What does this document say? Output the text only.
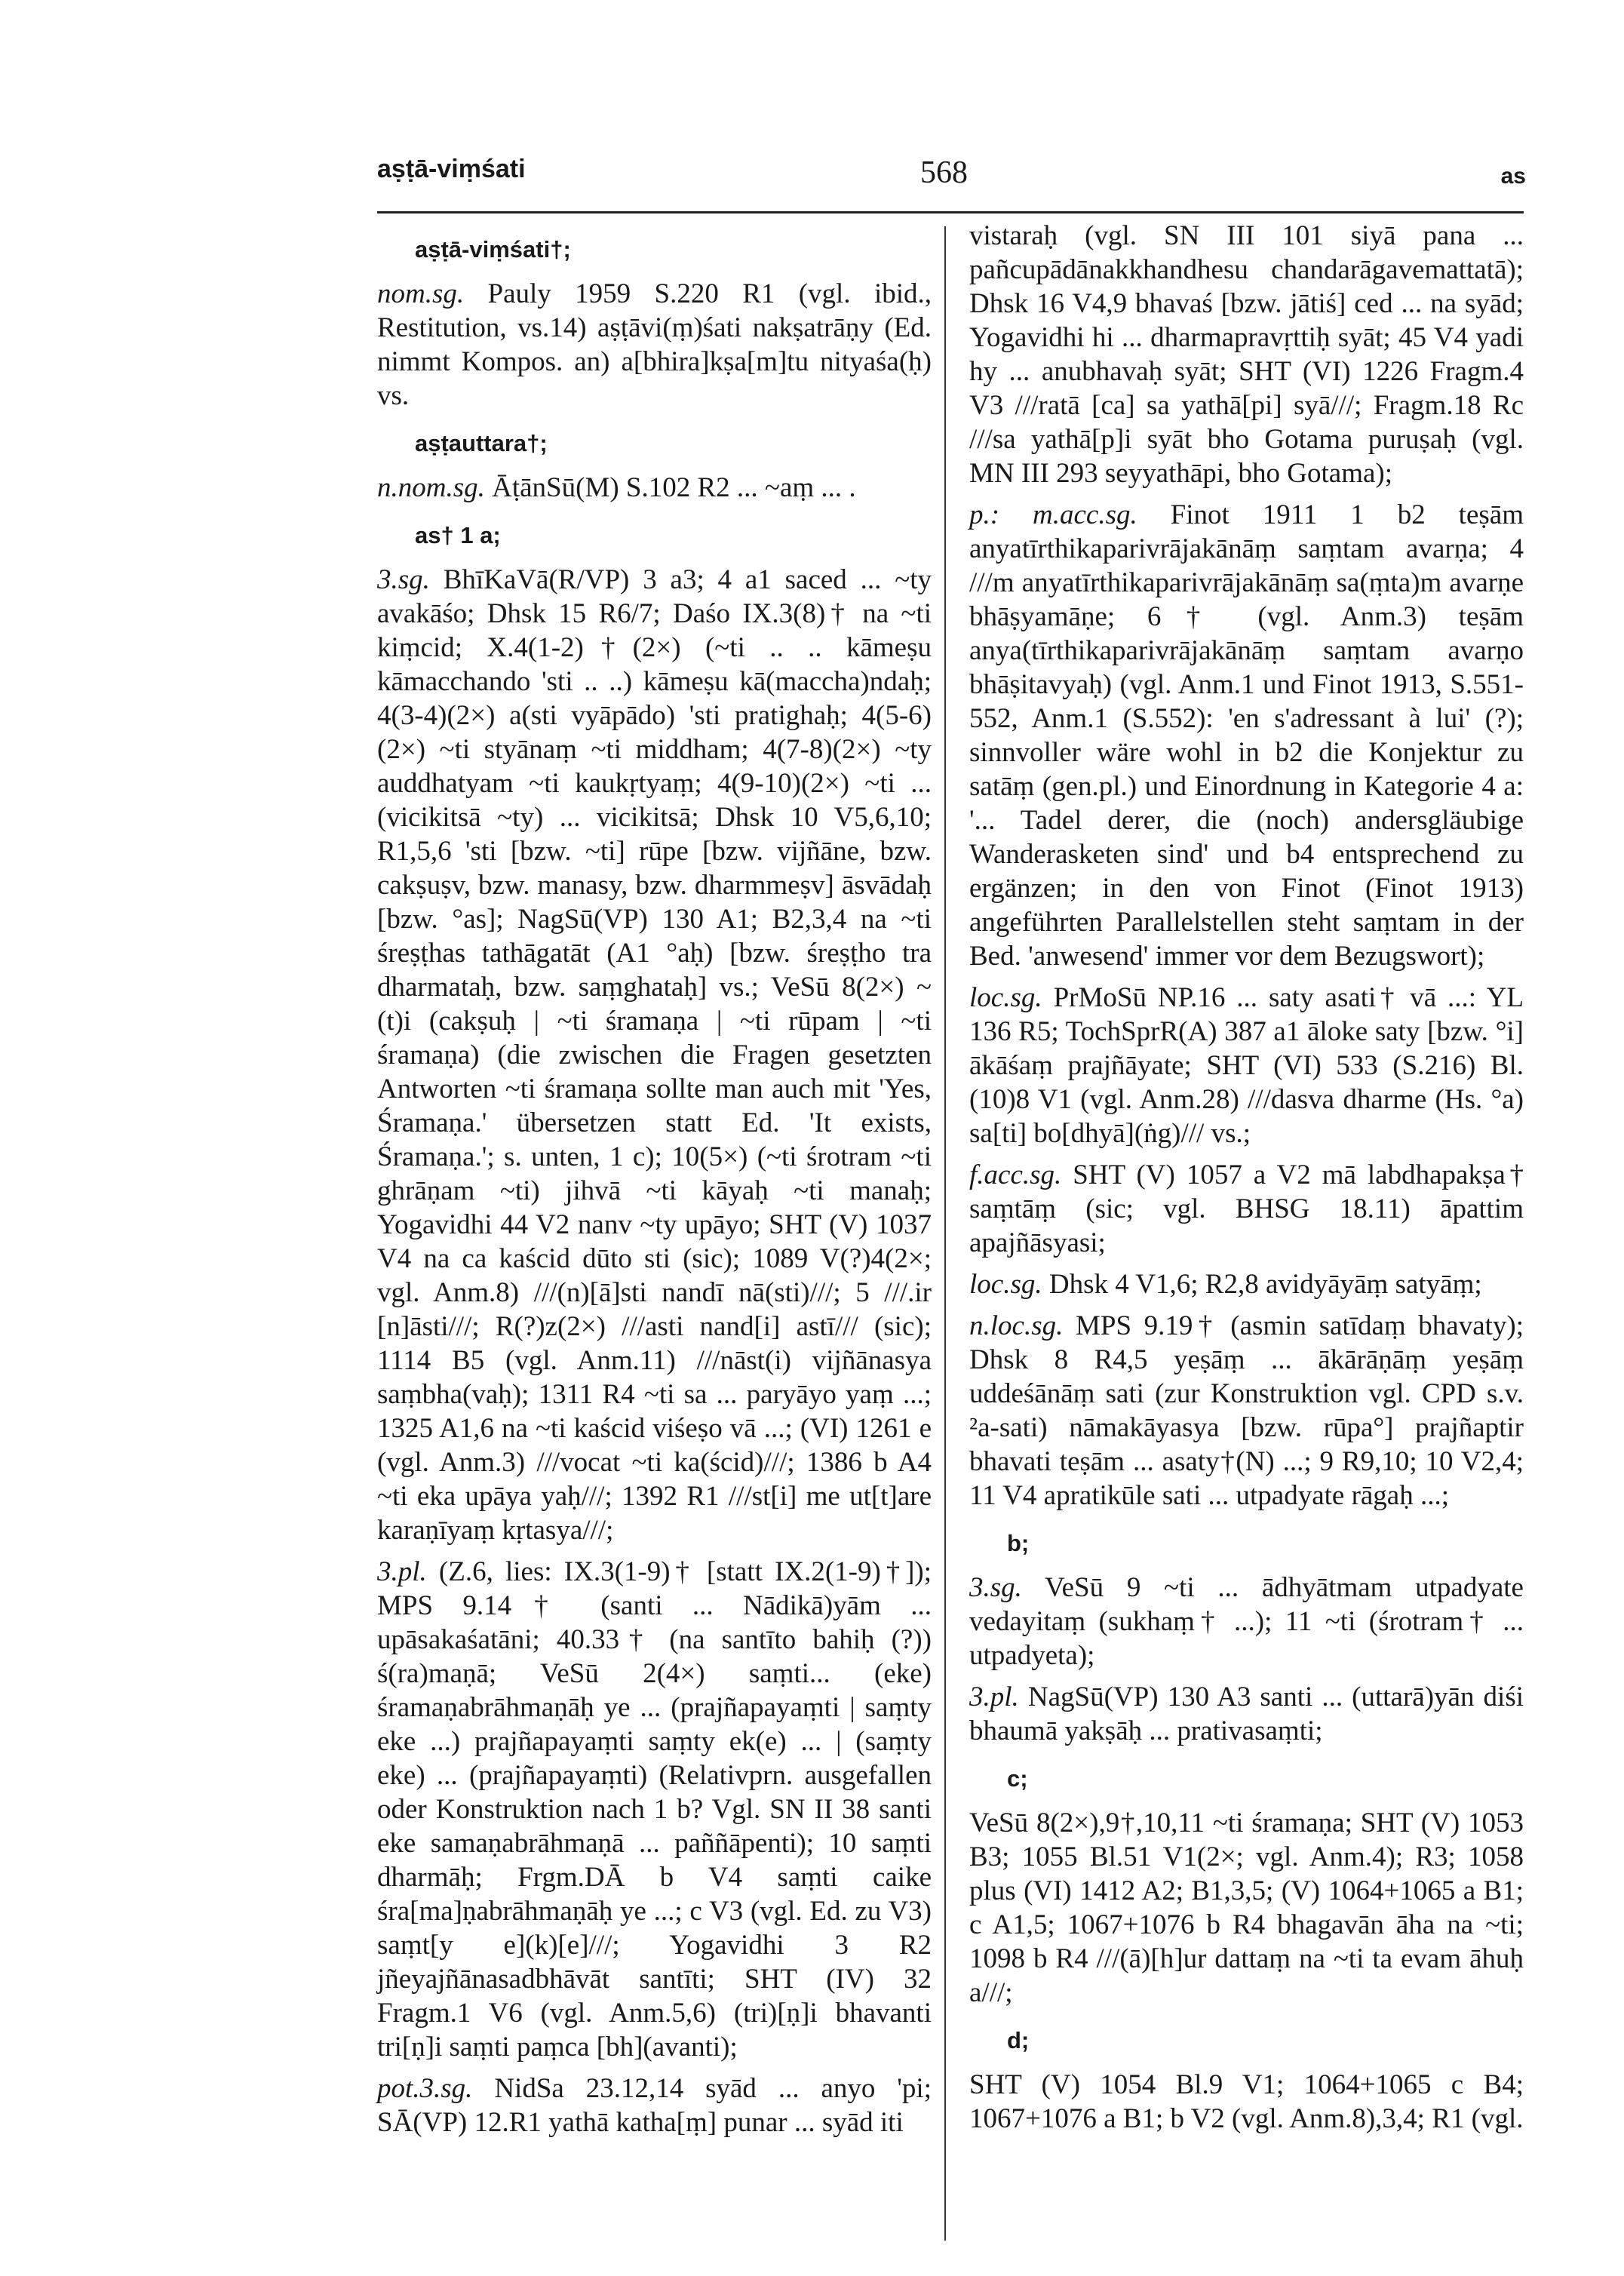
aṣṭā-viṃśati	568	as
aṣṭā-viṃśati†;
nom.sg. Pauly 1959 S.220 R1 (vgl. ibid., Restitution, vs.14) aṣṭāvi(ṃ)śati nakṣatrāṇy (Ed. nimmt Kompos. an) a[bhira]kṣa[m]tu nityaśa(ḥ) vs.
aṣṭauttara†;
n.nom.sg. ĀṭānSū(M) S.102 R2 ... ~aṃ ... .
as† 1 a;
3.sg. BhīKaVā(R/VP) 3 a3; 4 a1 saced ... ~ty avakāśo; Dhsk 15 R6/7; Daśo IX.3(8)† na ~ti kiṃcid; X.4(1-2)†(2×) (~ti .. .. kāmeṣu kāmacchando 'sti .. ..) kāmeṣu kā(maccha)ndaḥ; 4(3-4)(2×) a(sti vyāpādo) 'sti pratighaḥ; 4(5-6)(2×) ~ti styānaṃ ~ti middham; 4(7-8)(2×) ~ty auddhatyam ~ti kaukṛtyaṃ; 4(9-10)(2×) ~ti ... (vicikitsā ~ty) ... vicikitsā; Dhsk 10 V5,6,10; R1,5,6 'sti [bzw. ~ti] rūpe [bzw. vijñāne, bzw. cakṣuṣv, bzw. manasy, bzw. dharmmeṣv] āsvādaḥ [bzw. °as]; NagSū(VP) 130 A1; B2,3,4 na ~ti śreṣṭhas tathāgatāt (A1 °aḥ) [bzw. śreṣṭho tra dharmataḥ, bzw. saṃghataḥ] vs.; VeSū 8(2×) ~(t)i (cakṣuḥ | ~ti śramaṇa | ~ti rūpam | ~ti śramaṇa) (die zwischen die Fragen gesetzten Antworten ~ti śramaṇa sollte man auch mit 'Yes, Śramaṇa.' übersetzen statt Ed. 'It exists, Śramaṇa.'; s. unten, 1 c); 10(5×) (~ti śrotram ~ti ghrāṇam ~ti) jihvā ~ti kāyaḥ ~ti manaḥ; Yogavidhi 44 V2 nanv ~ty upāyo; SHT (V) 1037 V4 na ca kaścid dūto sti (sic); 1089 V(?)4(2×; vgl. Anm.8) ///(n)[ā]sti nandī nā(sti)///; 5 ///.ir [n]āsti///; R(?)z(2×) ///asti nand[i] astī/// (sic); 1114 B5 (vgl. Anm.11) ///nāst(i) vijñānasya saṃbha(vaḥ); 1311 R4 ~ti sa ... paryāyo yaṃ ...; 1325 A1,6 na ~ti kaścid viśeṣo vā ...; (VI) 1261 e (vgl. Anm.3) ///vocat ~ti ka(ścid)///; 1386 b A4 ~ti eka upāya yaḥ///; 1392 R1 ///st[i] me ut[t]are karaṇīyaṃ kṛtasya///;
3.pl. (Z.6, lies: IX.3(1-9)† [statt IX.2(1-9)†]); MPS 9.14† (santi ... Nādikā)yām ... upāsakaśatāni; 40.33† (na santīto bahiḥ (?)) ś(ra)maṇā; VeSū 2(4×) saṃti... (eke) śramaṇabrāhmaṇāḥ ye ... (prajñapayaṃti | saṃty eke ...) prajñapayaṃti saṃty ek(e) ... | (saṃty eke) ... (prajñapayaṃti) (Relativprn. ausgefallen oder Konstruktion nach 1 b? Vgl. SN II 38 santi eke samaṇabrāhmaṇā ... paññāpenti); 10 saṃti dharmāḥ; Frgm.DĀ b V4 saṃti caike śra[ma]ṇabrāhmaṇāḥ ye ...; c V3 (vgl. Ed. zu V3) saṃt[y e](k)[e]///; Yogavidhi 3 R2 jñeyajñānasadbhāvāt santīti; SHT (IV) 32 Fragm.1 V6 (vgl. Anm.5,6) (tri)[ṇ]i bhavanti tri[ṇ]i saṃti paṃca [bh](avanti);
pot.3.sg. NidSa 23.12,14 syād ... anyo 'pi; SĀ(VP) 12.R1 yathā katha[ṃ] punar ... syād iti
vistaraḥ (vgl. SN III 101 siyā pana ... pañcupādānakkhandhesu chandarāgavemattatā); Dhsk 16 V4,9 bhavaś [bzw. jātiś] ced ... na syād; Yogavidhi hi ... dharmapravṛttiḥ syāt; 45 V4 yadi hy ... anubhavaḥ syāt; SHT (VI) 1226 Fragm.4 V3 ///ratā [ca] sa yathā[pi] syā///; Fragm.18 Rc ///sa yathā[p]i syāt bho Gotama puruṣaḥ (vgl. MN III 293 seyyathāpi, bho Gotama);
p.: m.acc.sg. Finot 1911 1 b2 teṣām anyatīrthikaparivrājakānāṃ saṃtam avarṇa; 4 ///m anyatīrthikaparivrājakānāṃ sa(ṃta)m avarṇe bhāṣyamāṇe; 6† (vgl. Anm.3) teṣām anya(tīrthikaparivrājakānāṃ saṃtam avarṇo bhāṣitavyaḥ) (vgl. Anm.1 und Finot 1913, S.551-552, Anm.1 (S.552): 'en s'adressant à lui' (?); sinnvoller wäre wohl in b2 die Konjektur zu satāṃ (gen.pl.) und Einordnung in Kategorie 4 a: '... Tadel derer, die (noch) andersgläubige Wanderasketen sind' und b4 entsprechend zu ergänzen; in den von Finot (Finot 1913) angeführten Parallelstellen steht saṃtam in der Bed. 'anwesend' immer vor dem Bezugswort);
loc.sg. PrMoSū NP.16 ... saty asati† vā ...: YL 136 R5; TochSprR(A) 387 a1 āloke saty [bzw. °i] ākāśaṃ prajñāyate; SHT (VI) 533 (S.216) Bl.(10)8 V1 (vgl. Anm.28) ///dasva dharme (Hs. °a) sa[ti] bo[dhyā](ṅg)/// vs.;
f.acc.sg. SHT (V) 1057 a V2 mā labdhapakṣa† saṃtāṃ (sic; vgl. BHSG 18.11) āpattim apajñāsyasi;
loc.sg. Dhsk 4 V1,6; R2,8 avidyāyāṃ satyāṃ;
n.loc.sg. MPS 9.19† (asmin satīdaṃ bhavaty); Dhsk 8 R4,5 yeṣāṃ ... ākārāṇāṃ yeṣāṃ uddeśānāṃ sati (zur Konstruktion vgl. CPD s.v. ²a-sati) nāmakāyasya [bzw. rūpa°] prajñaptir bhavati teṣām ... asaty†(N) ...; 9 R9,10; 10 V2,4; 11 V4 apratikūle sati ... utpadyate rāgaḥ ...;
b;
3.sg. VeSū 9 ~ti ... ādhyātmam utpadyate vedayitaṃ (sukhaṃ† ...); 11 ~ti (śrotram† ... utpadyeta);
3.pl. NagSū(VP) 130 A3 santi ... (uttarā)yān diśi bhaumā yakṣāḥ ... prativasaṃti;
c;
VeSū 8(2×),9†,10,11 ~ti śramaṇa; SHT (V) 1053 B3; 1055 Bl.51 V1(2×; vgl. Anm.4); R3; 1058 plus (VI) 1412 A2; B1,3,5; (V) 1064+1065 a B1; c A1,5; 1067+1076 b R4 bhagavān āha na ~ti; 1098 b R4 ///(ā)[h]ur dattaṃ na ~ti ta evam āhuḥ a///;
d;
SHT (V) 1054 Bl.9 V1; 1064+1065 c B4; 1067+1076 a B1; b V2 (vgl. Anm.8),3,4; R1 (vgl.
